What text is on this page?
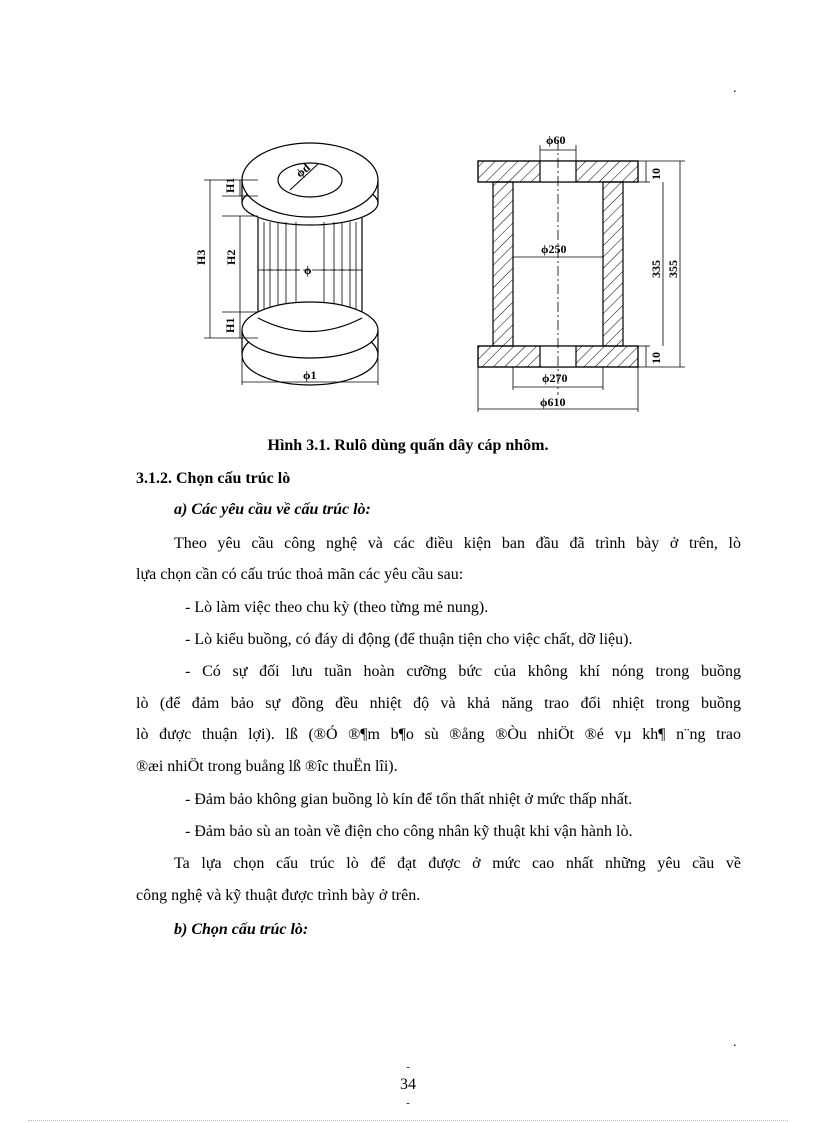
.
H1
H2
H3
H1
ϕd
ϕ
ϕ1
ϕ60
ϕ250
ϕ270
ϕ610
10
10
335 355
Hình 3.1. Rulô dùng quấn dây cáp nhôm.
3.1.2. Chọn cấu trúc lò
a) Các yêu cầu về cấu trúc lò:
Theo yêu cầu công nghệ và các điều kiện ban đầu đã trình bày ở trên, lò
lựa chọn cần có cấu trúc thoả mãn các yêu cầu sau:
- Lò làm việc theo chu kỳ (theo từng mẻ nung).
- Lò kiểu buồng, có đáy di động (để thuận tiện cho việc chất, dỡ liệu).
- Có sự đối lưu tuần hoàn cưỡng bức của không khí nóng trong buồng
lò (để đảm bảo sự đồng đều nhiệt độ và khả năng trao đổi nhiệt trong buồng
lò được thuận lợi). lß (®Ó ®¶m b¶o sù ®ång ®Òu nhiÖt ®é vµ kh¶ n¨ng trao
®æi nhiÖt trong buång lß ®îc thuËn lîi).
- Đảm bảo không gian buồng lò kín để tổn thất nhiệt ở mức thấp nhất.
- Đảm bảo sù an toàn về điện cho công nhân kỹ thuật khi vận hành lò.
Ta lựa chọn cấu trúc lò để đạt được ở mức cao nhất những yêu cầu về
công nghệ và kỹ thuật được trình bày ở trên.
b) Chọn cấu trúc lò:
.
-
34
-
